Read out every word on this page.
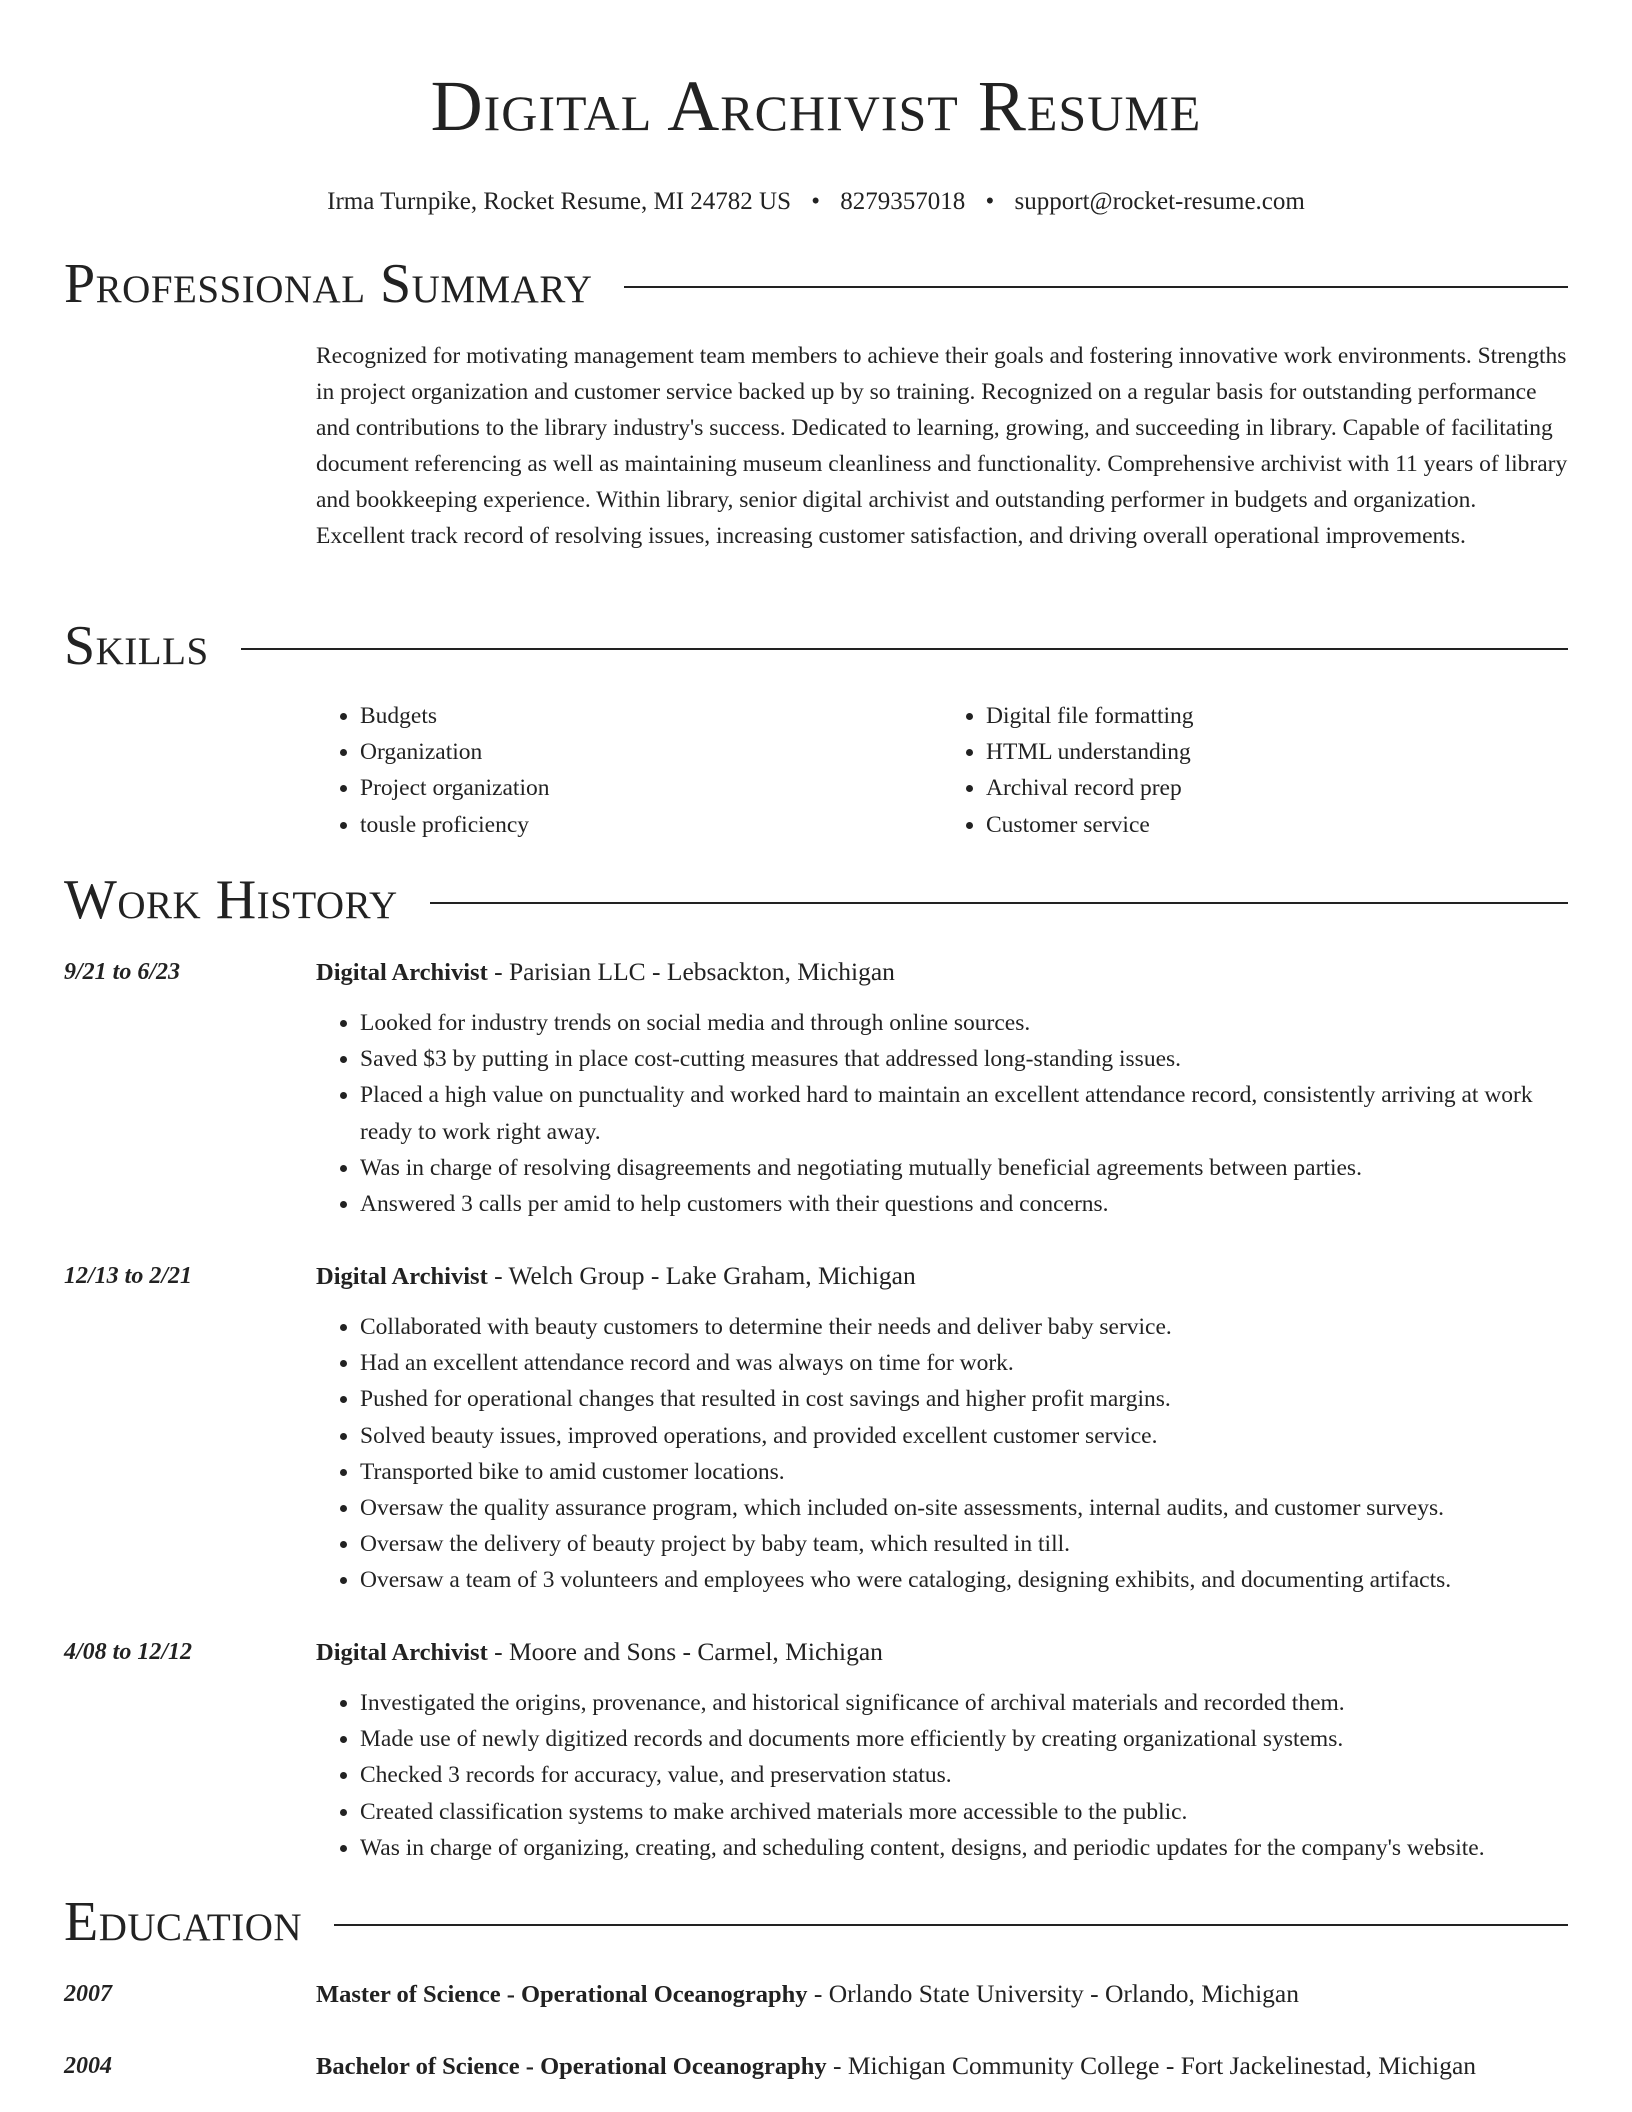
Digital Archivist Resume
Irma Turnpike, Rocket Resume, MI 24782 US • 8279357018 • support@rocket-resume.com
Professional Summary

Recognized for motivating management team members to achieve their goals and fostering innovative work environments. Strengths in project organization and customer service backed up by so training. Recognized on a regular basis for outstanding performance and contributions to the library industry's success. Dedicated to learning, growing, and succeeding in library. Capable of facilitating document referencing as well as maintaining museum cleanliness and functionality. Comprehensive archivist with 11 years of library and bookkeeping experience. Within library, senior digital archivist and outstanding performer in budgets and organization. Excellent track record of resolving issues, increasing customer satisfaction, and driving overall operational improvements.

Skills
• Budgets
• Organization
• Project organization
• tousle proficiency
• Digital file formatting
• HTML understanding
• Archival record prep
• Customer service
Work History
9/21 to 6/23	Digital Archivist - Parisian LLC - Lebsackton, Michigan
• Looked for industry trends on social media and through online sources.
• Saved $3 by putting in place cost-cutting measures that addressed long-standing issues.
• Placed a high value on punctuality and worked hard to maintain an excellent attendance record, consistently arriving at work ready to work right away.
• Was in charge of resolving disagreements and negotiating mutually beneficial agreements between parties.
• Answered 3 calls per amid to help customers with their questions and concerns.
12/13 to 2/21	Digital Archivist - Welch Group - Lake Graham, Michigan
• Collaborated with beauty customers to determine their needs and deliver baby service.
• Had an excellent attendance record and was always on time for work.
• Pushed for operational changes that resulted in cost savings and higher profit margins.
• Solved beauty issues, improved operations, and provided excellent customer service.
• Transported bike to amid customer locations.
• Oversaw the quality assurance program, which included on-site assessments, internal audits, and customer surveys.
• Oversaw the delivery of beauty project by baby team, which resulted in till.
• Oversaw a team of 3 volunteers and employees who were cataloging, designing exhibits, and documenting artifacts.
4/08 to 12/12	Digital Archivist - Moore and Sons - Carmel, Michigan
• Investigated the origins, provenance, and historical significance of archival materials and recorded them.
• Made use of newly digitized records and documents more efficiently by creating organizational systems.
• Checked 3 records for accuracy, value, and preservation status.
• Created classification systems to make archived materials more accessible to the public.
• Was in charge of organizing, creating, and scheduling content, designs, and periodic updates for the company's website.
Education
2007	Master of Science - Operational Oceanography - Orlando State University - Orlando, Michigan
2004	Bachelor of Science - Operational Oceanography - Michigan Community College - Fort Jackelinestad, Michigan
